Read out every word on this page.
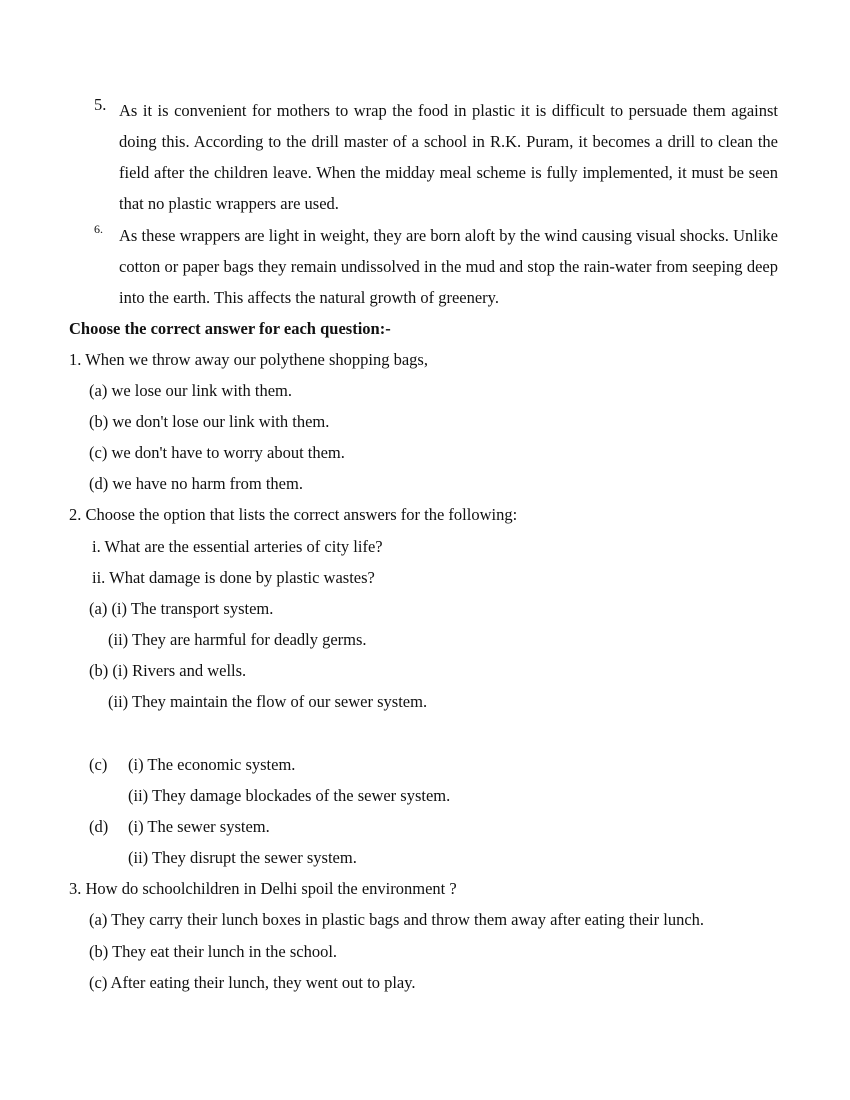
5. As it is convenient for mothers to wrap the food in plastic it is difficult to persuade them against doing this. According to the drill master of a school in R.K. Puram, it becomes a drill to clean the field after the children leave. When the midday meal scheme is fully implemented, it must be seen that no plastic wrappers are used.
6. As these wrappers are light in weight, they are born aloft by the wind causing visual shocks. Unlike cotton or paper bags they remain undissolved in the mud and stop the rain-water from seeping deep into the earth. This affects the natural growth of greenery.
Choose the correct answer for each question:-
1. When we throw away our polythene shopping bags,
(a) we lose our link with them.
(b) we don't lose our link with them.
(c) we don't have to worry about them.
(d) we have no harm from them.
2. Choose the option that lists the correct answers for the following:
i. What are the essential arteries of city life?
ii. What damage is done by plastic wastes?
(a) (i) The transport system.
(ii) They are harmful for deadly germs.
(b) (i) Rivers and wells.
(ii) They maintain the flow of our sewer system.
(c) (i) The economic system.
(ii) They damage blockades of the sewer system.
(d) (i) The sewer system.
(ii) They disrupt the sewer system.
3. How do schoolchildren in Delhi spoil the environment ?
(a) They carry their lunch boxes in plastic bags and throw them away after eating their lunch.
(b) They eat their lunch in the school.
(c) After eating their lunch, they went out to play.
